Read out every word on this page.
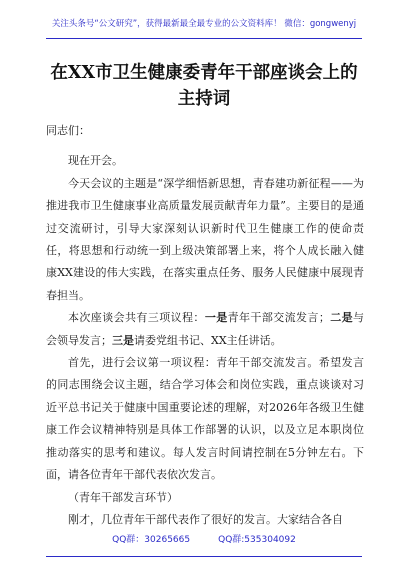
关注头条号“公文研究”，获得最新最全最专业的公文资料库！ 微信：gongwenyj
在XX市卫生健康委青年干部座谈会上的
主持词

同志们：

现在开会。

今天会议的主题是“深学细悟新思想，青春建功新征程——为推进我市卫生健康事业高质量发展贡献青年力量”。主要目的是通过交流研讨，引导大家深刻认识新时代卫生健康工作的使命责任，将思想和行动统一到上级决策部署上来，将个人成长融入健康XX建设的伟大实践，在落实重点任务、服务人民健康中展现青春担当。

本次座谈会共有三项议程：一是青年干部交流发言；二是与会领导发言；三是请委党组书记、XX主任讲话。

首先，进行会议第一项议程：青年干部交流发言。希望发言的同志围绕会议主题，结合学习体会和岗位实践，重点谈谈对习近平总书记关于健康中国重要论述的理解，对2026年各级卫生健康工作会议精神特别是具体工作部署的认识，以及立足本职岗位推动落实的思考和建议。每人发言时间请控制在5分钟左右。下面，请各位青年干部代表依次发言。

（青年干部发言环节）

刚才，几位青年干部代表作了很好的发言。大家结合各自

QQ群：30265665	QQ群:535304092
